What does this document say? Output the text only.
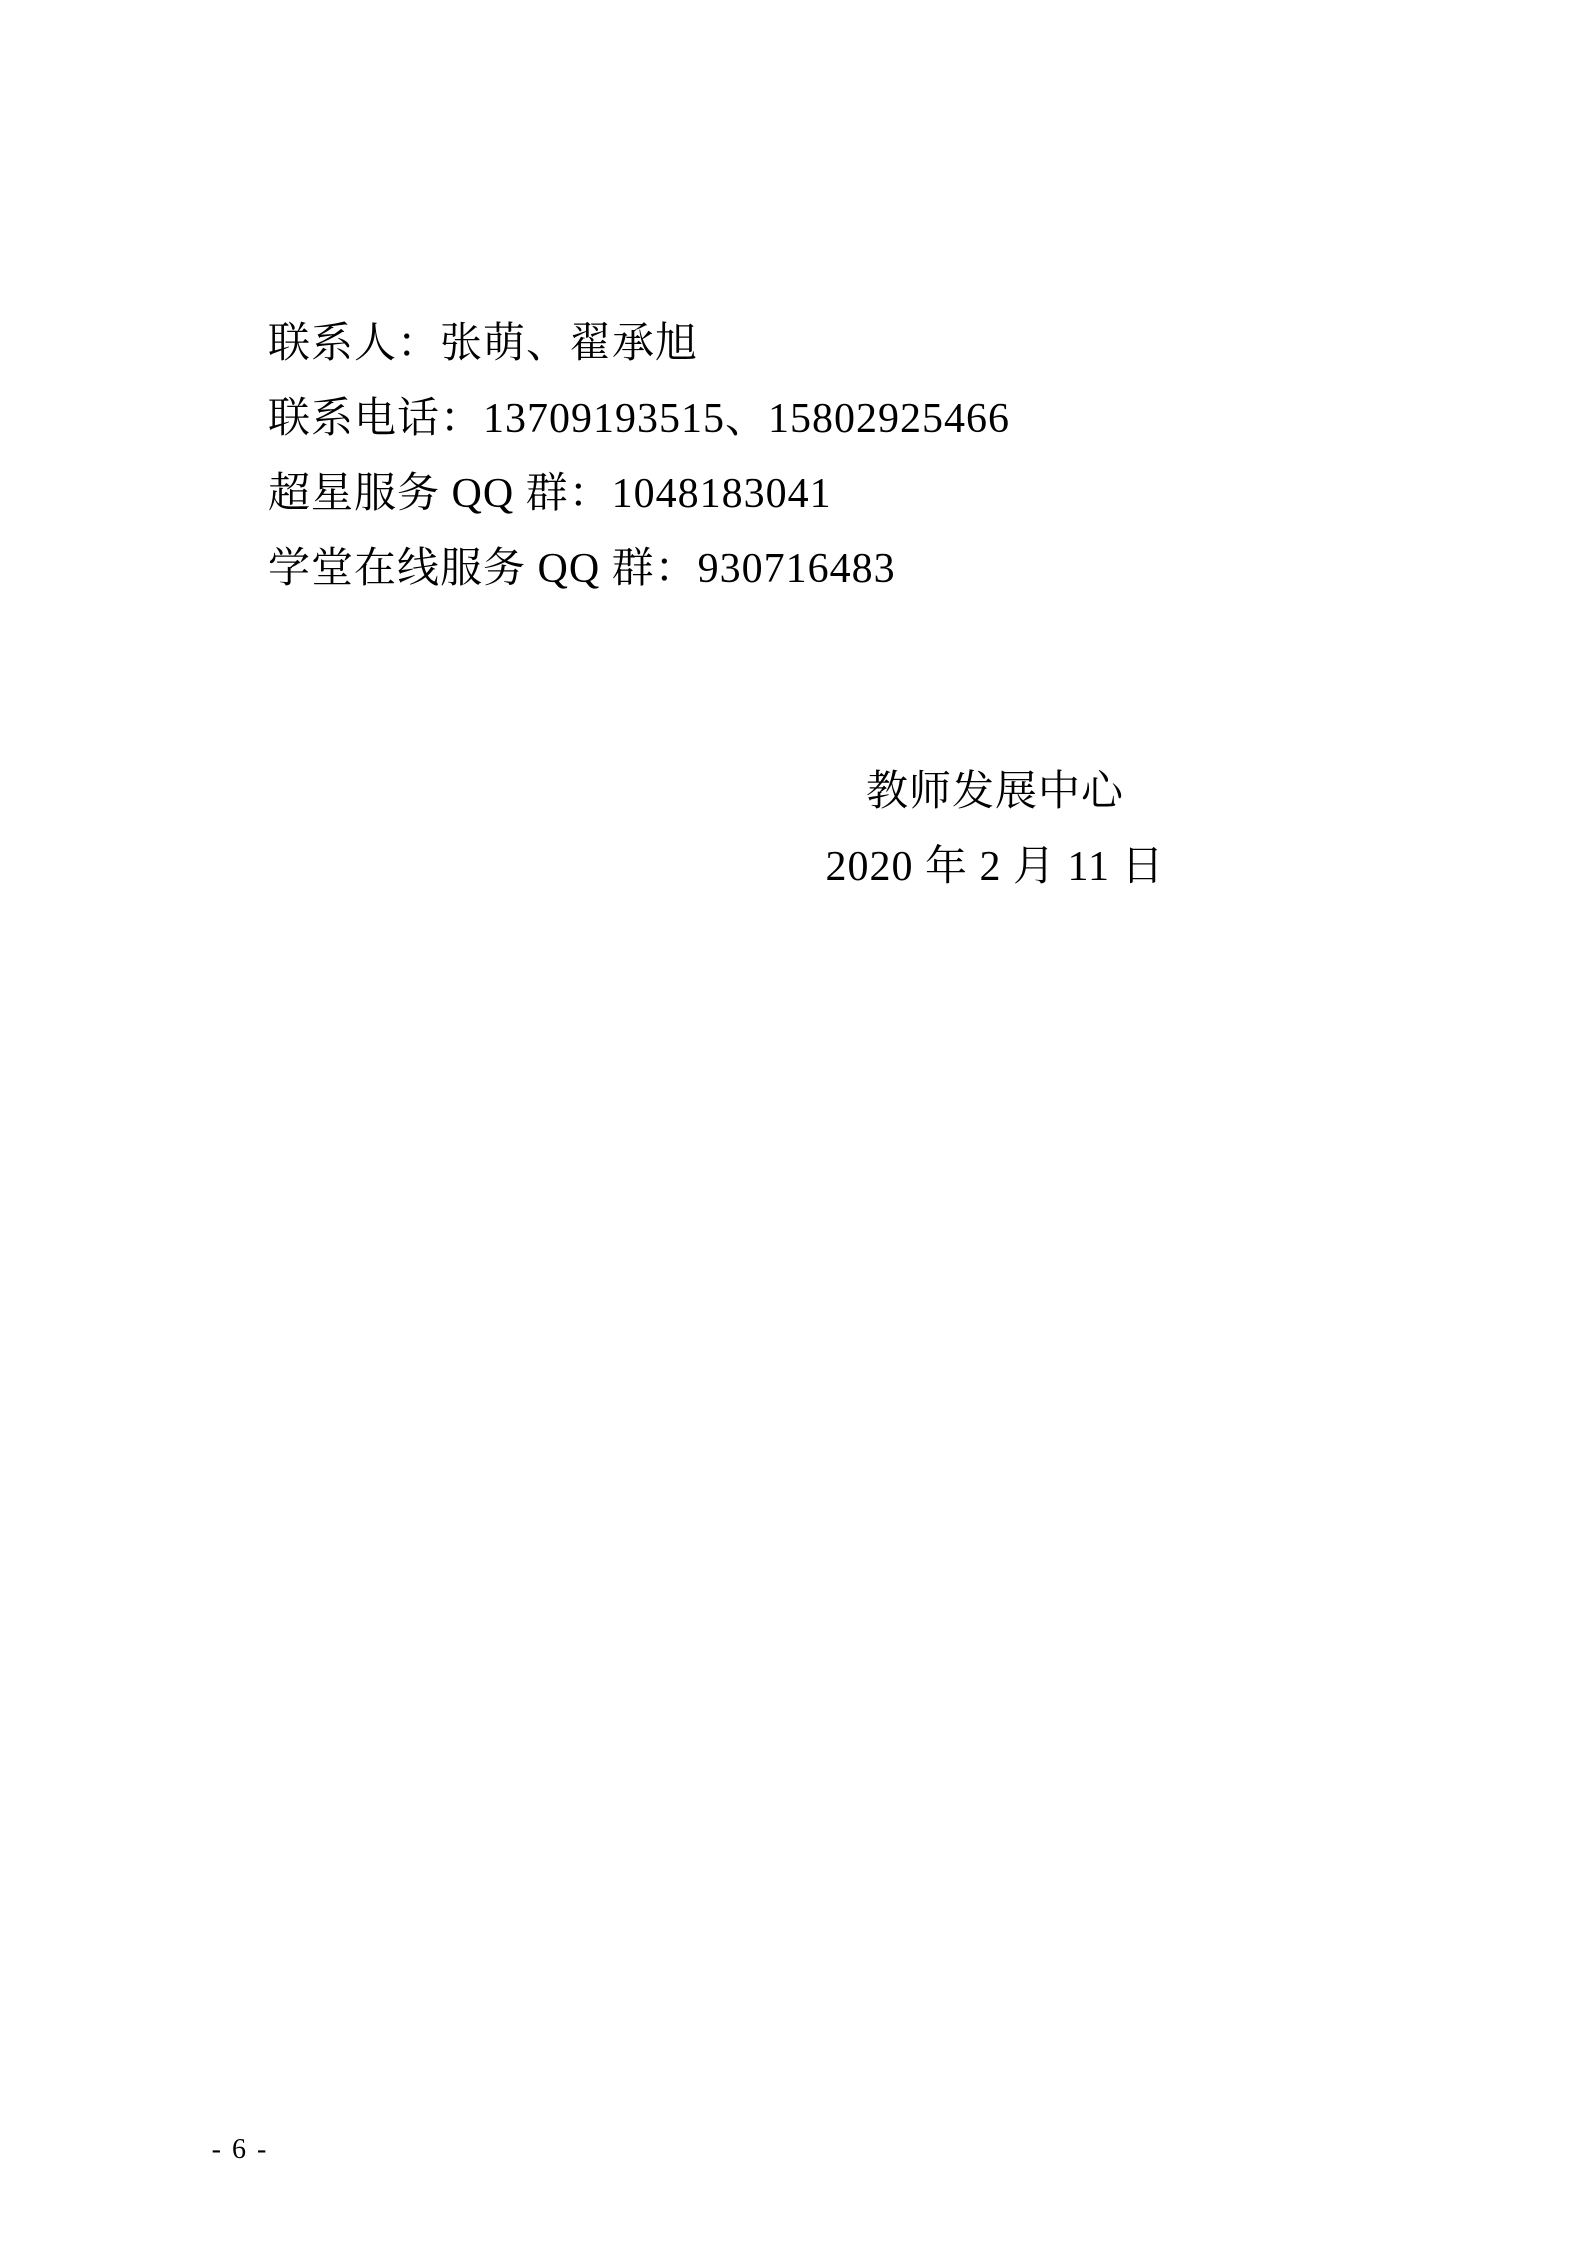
联系人：张萌、翟承旭

联系电话：13709193515、15802925466

超星服务 QQ 群：1048183041

学堂在线服务 QQ 群：930716483

教师发展中心

2020 年 2 月 11 日

- 6 -
